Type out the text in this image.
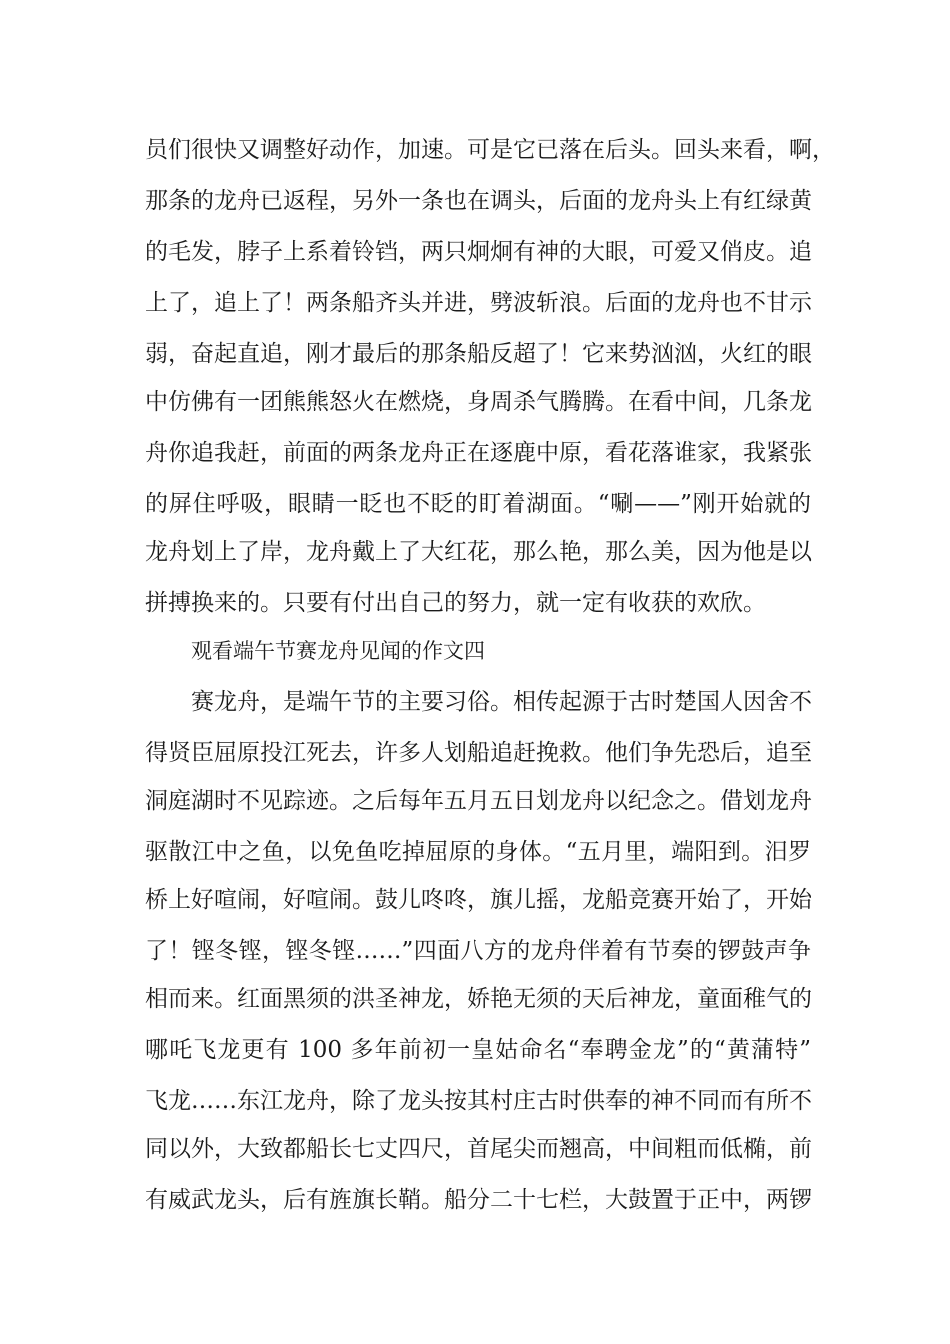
员们很快又调整好动作，加速。可是它已落在后头。回头来看，啊，
那条的龙舟已返程，另外一条也在调头，后面的龙舟头上有红绿黄
的毛发，脖子上系着铃铛，两只炯炯有神的大眼，可爱又俏皮。追
上了，追上了！两条船齐头并进，劈波斩浪。后面的龙舟也不甘示
弱，奋起直追，刚才最后的那条船反超了！它来势汹汹，火红的眼
中仿佛有一团熊熊怒火在燃烧，身周杀气腾腾。在看中间，几条龙
舟你追我赶，前面的两条龙舟正在逐鹿中原，看花落谁家，我紧张
的屏住呼吸，眼睛一眨也不眨的盯着湖面。“唰——”刚开始就的
龙舟划上了岸，龙舟戴上了大红花，那么艳，那么美，因为他是以
拼搏换来的。只要有付出自己的努力，就一定有收获的欢欣。
观看端午节赛龙舟见闻的作文四
赛龙舟，是端午节的主要习俗。相传起源于古时楚国人因舍不
得贤臣屈原投江死去，许多人划船追赶挽救。他们争先恐后，追至
洞庭湖时不见踪迹。之后每年五月五日划龙舟以纪念之。借划龙舟
驱散江中之鱼，以免鱼吃掉屈原的身体。“五月里，端阳到。汨罗
桥上好喧闹，好喧闹。鼓儿咚咚，旗儿摇，龙船竞赛开始了，开始
了！铿冬铿，铿冬铿……”四面八方的龙舟伴着有节奏的锣鼓声争
相而来。红面黑须的洪圣神龙，娇艳无须的天后神龙，童面稚气的
哪吒飞龙更有 100 多年前初一皇姑命名“奉聘金龙”的“黄蒲特”
飞龙……东江龙舟，除了龙头按其村庄古时供奉的神不同而有所不
同以外，大致都船长七丈四尺，首尾尖而翘高，中间粗而低椭，前
有威武龙头，后有旌旗长鞘。船分二十七栏，大鼓置于正中，两锣
